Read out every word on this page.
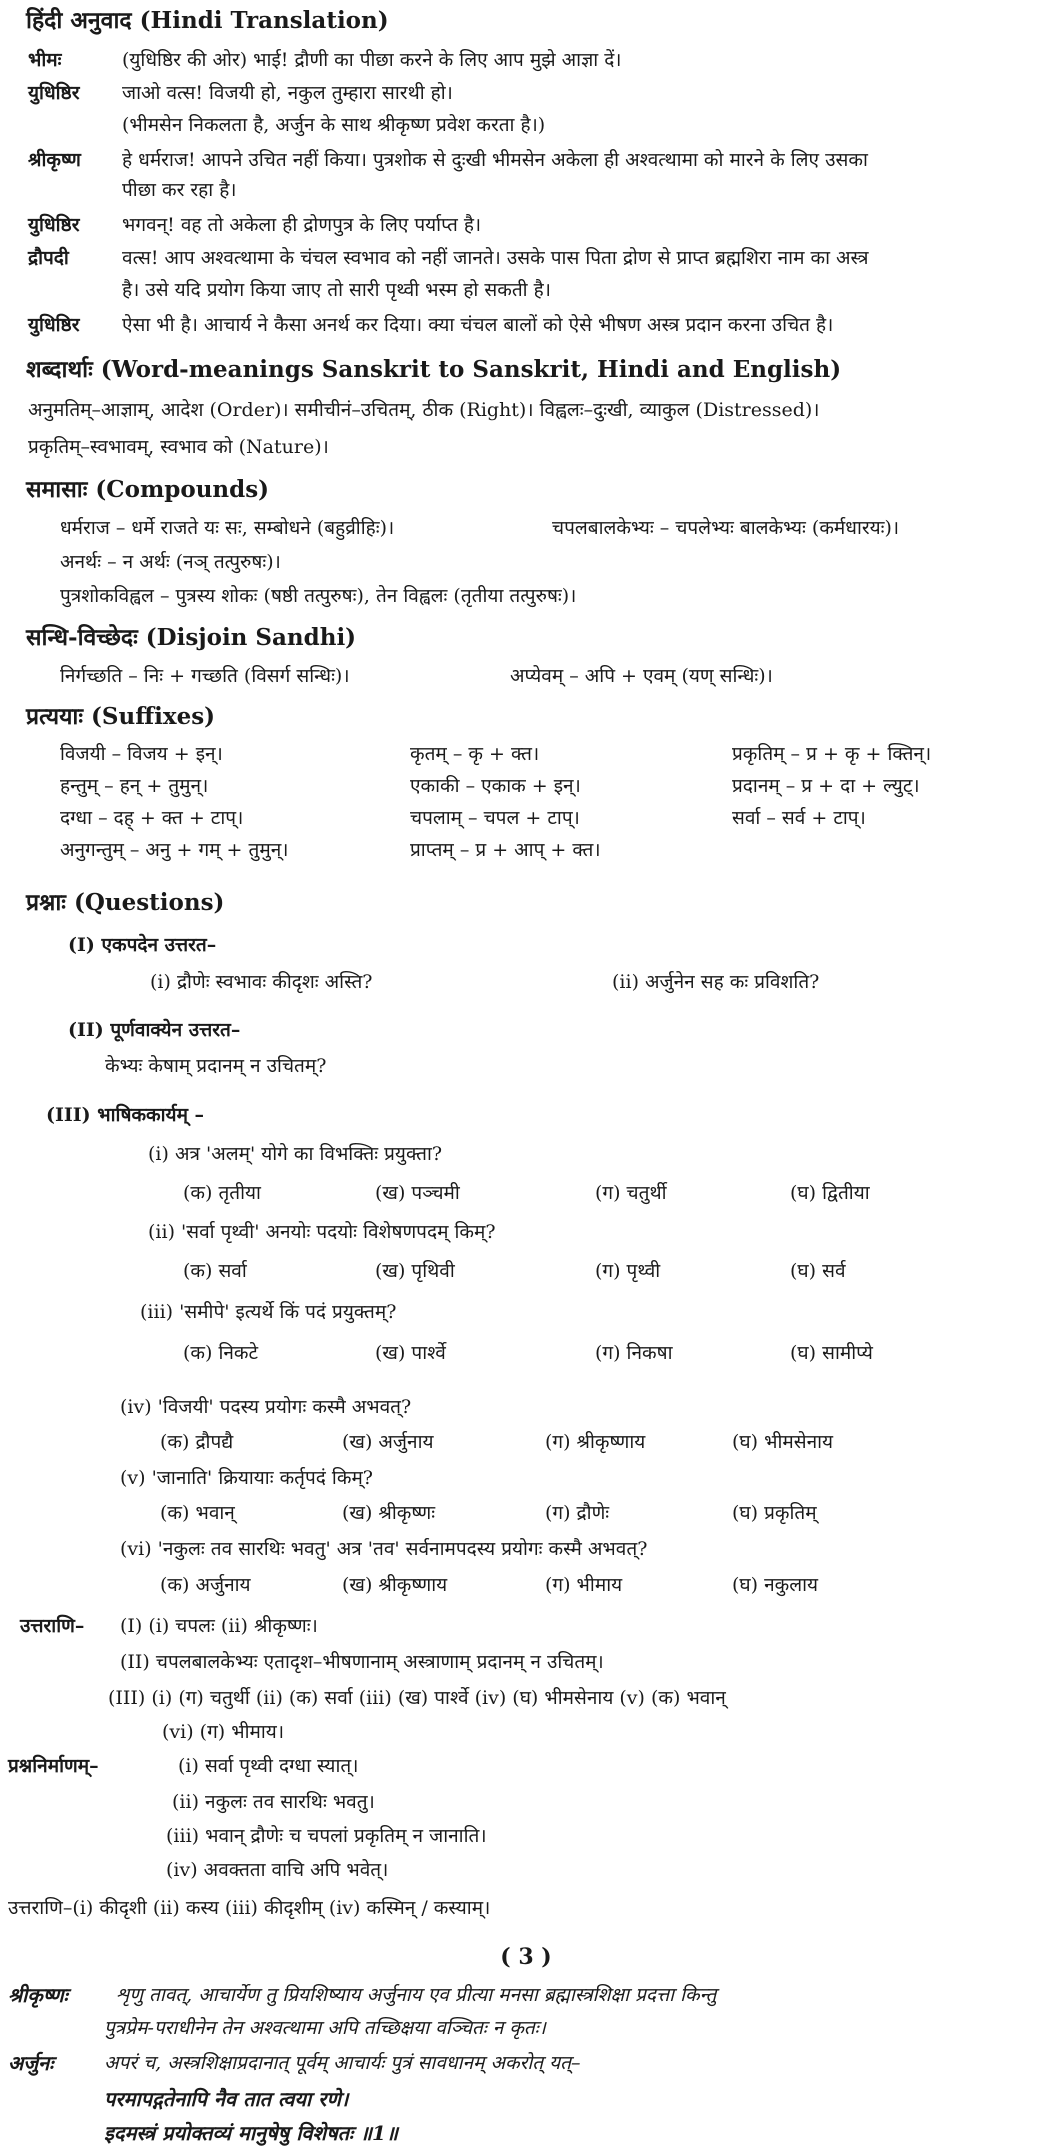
हिंदी अनुवाद (Hindi Translation)
भीमः	(युधिष्ठिर की ओर) भाई! द्रौणी का पीछा करने के लिए आप मुझे आज्ञा दें।
युधिष्ठिर जाओ वत्स! विजयी हो, नकुल तुम्हारा सारथी हो।
(भीमसेन निकलता है, अर्जुन के साथ श्रीकृष्ण प्रवेश करता है।)
श्रीकृष्ण हे धर्मराज! आपने उचित नहीं किया। पुत्रशोक से दुःखी भीमसेन अकेला ही अश्वत्थामा को मारने के लिए उसका
पीछा कर रहा है।
युधिष्ठिर भगवन्! वह तो अकेला ही द्रोणपुत्र के लिए पर्याप्त है।
द्रौपदी	वत्स! आप अश्वत्थामा के चंचल स्वभाव को नहीं जानते। उसके पास पिता द्रोण से प्राप्त ब्रह्मशिरा नाम का अस्त्र
है। उसे यदि प्रयोग किया जाए तो सारी पृथ्वी भस्म हो सकती है।
युधिष्ठिर ऐसा भी है। आचार्य ने कैसा अनर्थ कर दिया। क्या चंचल बालों को ऐसे भीषण अस्त्र प्रदान करना उचित है।
शब्दार्थाः (Word-meanings Sanskrit to Sanskrit, Hindi and English)
अनुमतिम्–आज्ञाम्, आदेश (Order)। समीचीनं–उचितम्, ठीक (Right)। विह्वलः–दुःखी, व्याकुल (Distressed)।
प्रकृतिम्–स्वभावम्, स्वभाव को (Nature)।
समासाः (Compounds)
धर्मराज – धर्मे राजते यः सः, सम्बोधने (बहुव्रीहिः)।	चपलबालकेभ्यः – चपलेभ्यः बालकेभ्यः (कर्मधारयः)।
अनर्थः – न अर्थः (नञ् तत्पुरुषः)।
पुत्रशोकविह्वल – पुत्रस्य शोकः (षष्ठी तत्पुरुषः), तेन विह्वलः (तृतीया तत्पुरुषः)।
सन्धि-विच्छेदः (Disjoin Sandhi)
निर्गच्छति – निः + गच्छति (विसर्ग सन्धिः)।	अप्येवम् – अपि + एवम् (यण् सन्धिः)।
प्रत्ययाः (Suffixes)
विजयी – विजय + इन्।	कृतम् – कृ + क्त।	प्रकृतिम् – प्र + कृ + क्तिन्।
हन्तुम् – हन् + तुमुन्।	एकाकी – एकाक + इन्।	प्रदानम् – प्र + दा + ल्युट्।
दग्धा – दह् + क्त + टाप्।	चपलाम् – चपल + टाप्।	सर्वा – सर्व + टाप्।
अनुगन्तुम् – अनु + गम् + तुमुन्।	प्राप्तम् – प्र + आप् + क्त।
प्रश्नाः (Questions)
(I) एकपदेन उत्तरत–
(i) द्रौणेः स्वभावः कीदृशः अस्ति?	(ii) अर्जुनेन सह कः प्रविशति?
(II) पूर्णवाक्येन उत्तरत–
केभ्यः केषाम् प्रदानम् न उचितम्?
(III) भाषिककार्यम् –
(i) अत्र 'अलम्' योगे का विभक्तिः प्रयुक्ता?
(क) तृतीया	(ख) पञ्चमी	(ग) चतुर्थी	(घ) द्वितीया
(ii) 'सर्वा पृथ्वी' अनयोः पदयोः विशेषणपदम् किम्?
(क) सर्वा	(ख) पृथिवी	(ग) पृथ्वी	(घ) सर्व
(iii) 'समीपे' इत्यर्थे किं पदं प्रयुक्तम्?
(क) निकटे	(ख) पार्श्वे	(ग) निकषा	(घ) सामीप्ये
(iv) 'विजयी' पदस्य प्रयोगः कस्मै अभवत्?
(क) द्रौपद्यै	(ख) अर्जुनाय	(ग) श्रीकृष्णाय	(घ) भीमसेनाय
(v) 'जानाति' क्रियायाः कर्तृपदं किम्?
(क) भवान्	(ख) श्रीकृष्णः	(ग) द्रौणेः	(घ) प्रकृतिम्
(vi) 'नकुलः तव सारथिः भवतु' अत्र 'तव' सर्वनामपदस्य प्रयोगः कस्मै अभवत्?
(क) अर्जुनाय	(ख) श्रीकृष्णाय	(ग) भीमाय	(घ) नकुलाय
उत्तराणि– (I) (i) चपलः (ii) श्रीकृष्णः।
(II) चपलबालकेभ्यः एतादृश–भीषणानाम् अस्त्राणाम् प्रदानम् न उचितम्।
(III) (i) (ग) चतुर्थी (ii) (क) सर्वा (iii) (ख) पार्श्वे (iv) (घ) भीमसेनाय (v) (क) भवान्
(vi) (ग) भीमाय।
प्रश्ननिर्माणम्–	(i) सर्वा पृथ्वी दग्धा स्यात्।
(ii) नकुलः तव सारथिः भवतु।
(iii) भवान् द्रौणेः च चपलां प्रकृतिम् न जानाति।
(iv) अवक्तता वाचि अपि भवेत्।
उत्तराणि–(i) कीदृशी (ii) कस्य (iii) कीदृशीम् (iv) कस्मिन् / कस्याम्।
( 3 )
श्रीकृष्णः	शृणु तावत्, आचार्येण तु प्रियशिष्याय अर्जुनाय एव प्रीत्या मनसा ब्रह्मास्त्रशिक्षा प्रदत्ता किन्तु
पुत्रप्रेम-पराधीनेन तेन अश्वत्थामा अपि तच्छिक्षया वञ्चितः न कृतः।
अर्जुनः	अपरं च, अस्त्रशिक्षाप्रदानात् पूर्वम् आचार्यः पुत्रं सावधानम् अकरोत् यत्–
परमापद्गतेनापि नैव तात त्वया रणे।
इदमस्त्रं प्रयोक्तव्यं मानुषेषु विशेषतः ॥1॥
